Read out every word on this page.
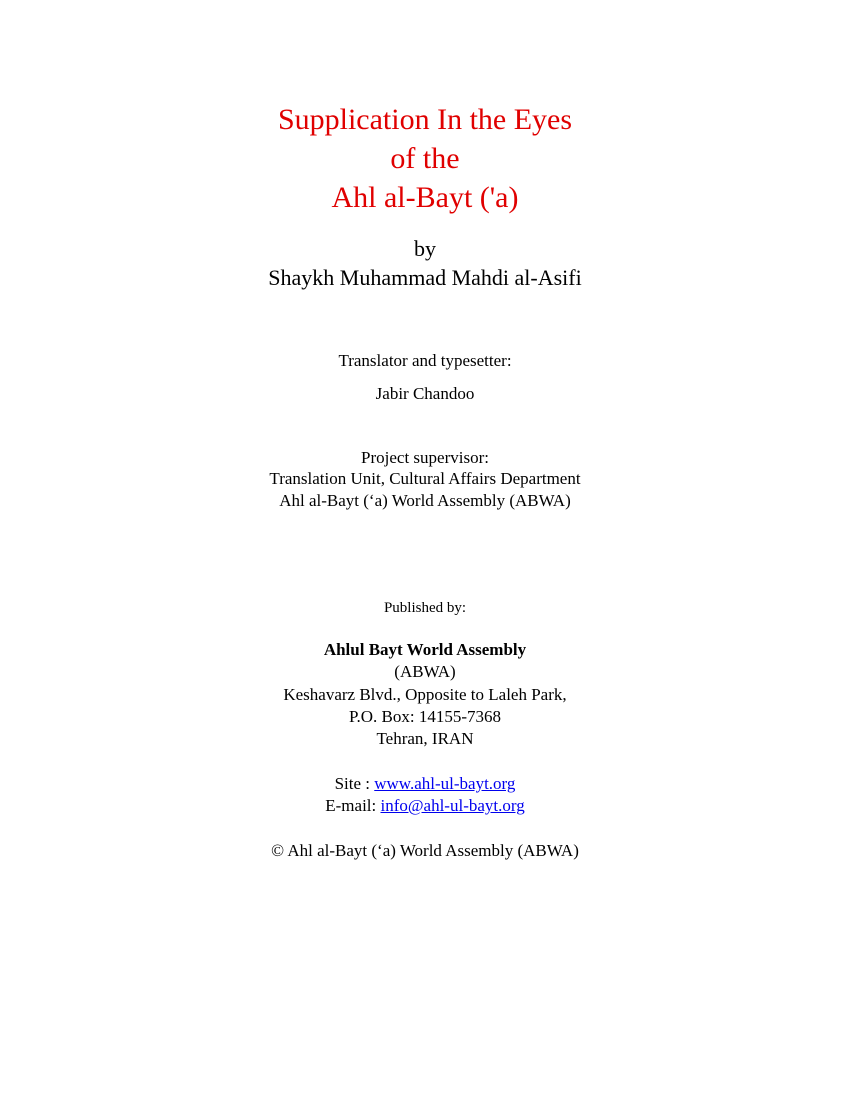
Supplication In the Eyes
of the
Ahl al-Bayt ('a)
by
Shaykh Muhammad Mahdi al-Asifi
Translator and typesetter:
Jabir Chandoo
Project supervisor:
Translation Unit, Cultural Affairs Department
Ahl al-Bayt (‘a) World Assembly (ABWA)
Published by:
Ahlul Bayt World Assembly
(ABWA)
Keshavarz Blvd., Opposite to Laleh Park,
P.O. Box: 14155-7368
Tehran, IRAN
Site : www.ahl-ul-bayt.org
E-mail: info@ahl-ul-bayt.org
© Ahl al-Bayt (‘a) World Assembly (ABWA)
